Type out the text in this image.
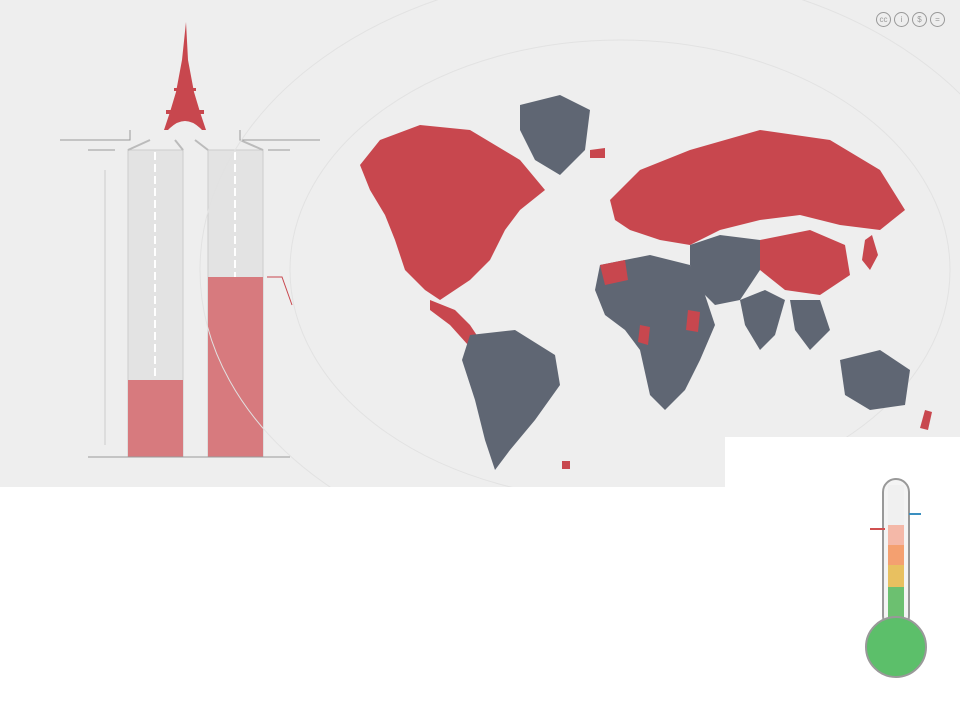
cc	i	$	=
